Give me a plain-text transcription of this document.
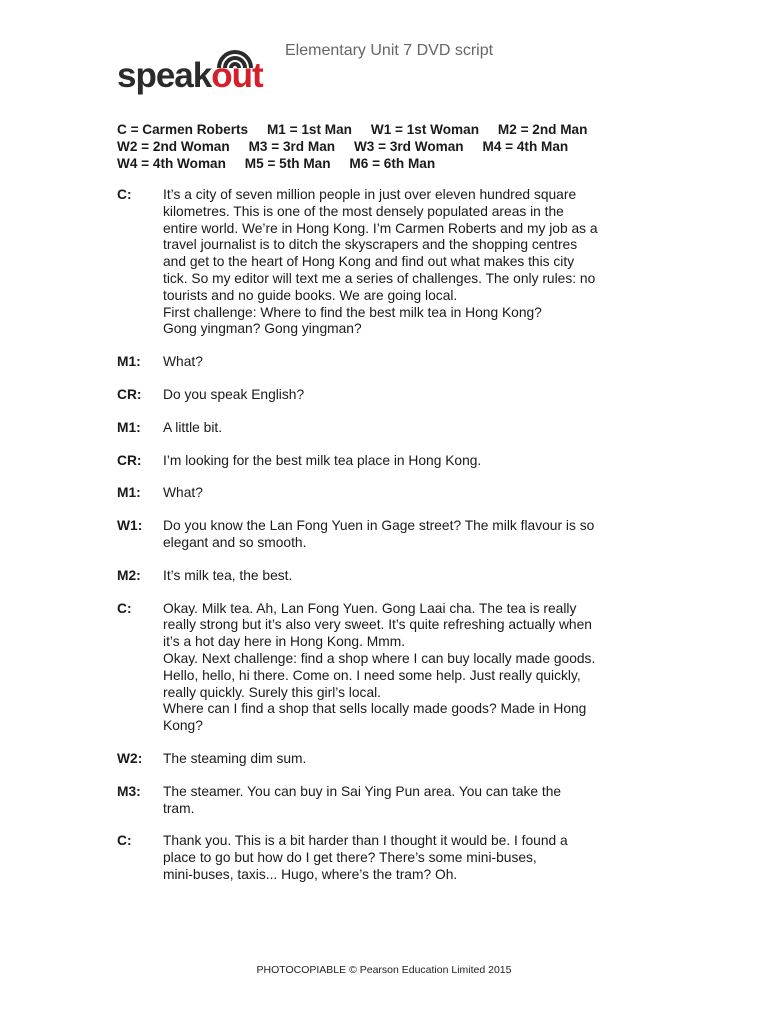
speakout
Elementary Unit 7 DVD script
C = Carmen Roberts M1 = 1st Man W1 = 1st Woman M2 = 2nd Man     W2 = 2nd Woman M3 = 3rd Man W3 = 3rd Woman M4 = 4th Man     W4 = 4th Woman M5 = 5th Man M6 = 6th Man
C:	It’s a city of seven million people in just over eleven hundred square
kilometres. This is one of the most densely populated areas in the
entire world. We’re in Hong Kong. I’m Carmen Roberts and my job as a
travel journalist is to ditch the skyscrapers and the shopping centres
and get to the heart of Hong Kong and find out what makes this city
tick. So my editor will text me a series of challenges. The only rules: no
tourists and no guide books. We are going local.
First challenge: Where to find the best milk tea in Hong Kong?
Gong yingman? Gong yingman?
M1:	What?
CR:	Do you speak English?
M1:	A little bit.
CR:	I’m looking for the best milk tea place in Hong Kong.
M1:	What?
W1:	Do you know the Lan Fong Yuen in Gage street? The milk flavour is so
elegant and so smooth.
M2:	It’s milk tea, the best.
C:	Okay. Milk tea. Ah, Lan Fong Yuen. Gong Laai cha. The tea is really
really strong but it’s also very sweet. It’s quite refreshing actually when
it’s a hot day here in Hong Kong. Mmm.
Okay. Next challenge: find a shop where I can buy locally made goods.
Hello, hello, hi there. Come on. I need some help. Just really quickly,
really quickly. Surely this girl’s local.
Where can I find a shop that sells locally made goods? Made in Hong
Kong?
W2:	The steaming dim sum.
M3:	The steamer. You can buy in Sai Ying Pun area. You can take the
tram.
C:	Thank you. This is a bit harder than I thought it would be. I found a
place to go but how do I get there? There’s some mini-buses,
mini-buses, taxis... Hugo, where’s the tram? Oh.
PHOTOCOPIABLE © Pearson Education Limited 2015
